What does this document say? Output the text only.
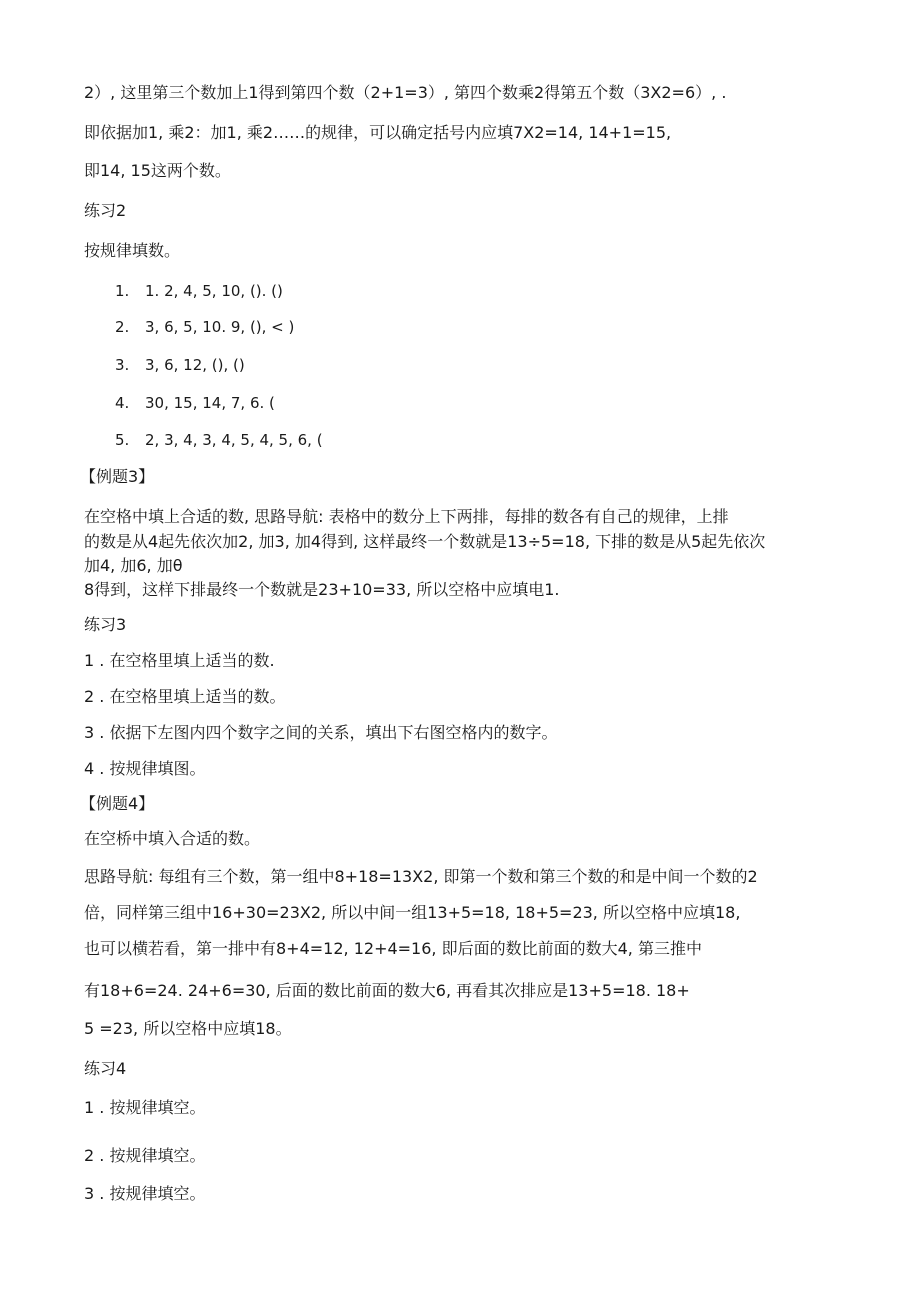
2）, 这里第三个数加上1得到第四个数（2+1=3）, 第四个数乘2得第五个数（3X2=6）, .
即依据加1, 乘2：加1, 乘2……的规律，可以确定括号内应填7X2=14, 14+1=15,
即14, 15这两个数。
练习2
按规律填数。
1. 1. 2, 4, 5, 10, (). ()
2. 3, 6, 5, 10. 9, (), < )
3. 3, 6, 12, (), ()
4. 30, 15, 14, 7, 6. (
5. 2, 3, 4, 3, 4, 5, 4, 5, 6, (
【例题3】
在空格中填上合适的数, 思路导航: 表格中的数分上下两排，每排的数各有自己的规律，上排
的数是从4起先依次加2, 加3, 加4得到, 这样最终一个数就是13÷5=18, 下排的数是从5起先依次
加4, 加6, 加θ
8得到，这样下排最终一个数就是23+10=33, 所以空格中应填电1.
练习3
1 . 在空格里填上适当的数.
2 . 在空格里填上适当的数。
3 . 依据下左图内四个数字之间的关系，填出下右图空格内的数字。
4 . 按规律填图。
【例题4】
在空桥中填入合适的数。
思路导航: 每组有三个数，第一组中8+18=13X2, 即第一个数和第三个数的和是中间一个数的2
倍，同样第三组中16+30=23X2, 所以中间一组13+5=18, 18+5=23, 所以空格中应填18,
也可以横若看，第一排中有8+4=12, 12+4=16, 即后面的数比前面的数大4, 第三推中
有18+6=24. 24+6=30, 后面的数比前面的数大6, 再看其次排应是13+5=18. 18+
5 =23, 所以空格中应填18。
练习4
1 . 按规律填空。
2 . 按规律填空。
3 . 按规律填空。
